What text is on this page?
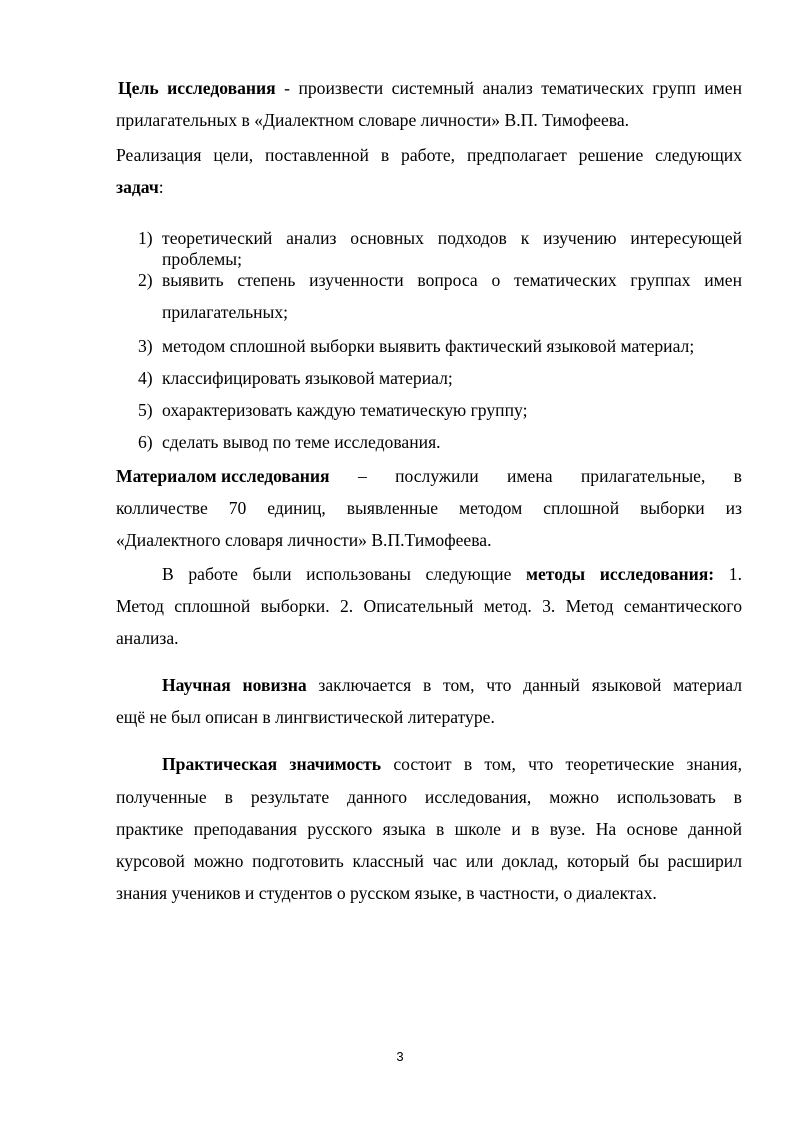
Цель исследования - произвести системный анализ тематических групп имен
прилагательных в «Диалектном словаре личности» В.П. Тимофеева.
Реализация цели, поставленной в работе, предполагает решение следующих
задач:
1) теоретический анализ основных подходов к изучению интересующей
проблемы;
2) выявить степень изученности вопроса о тематических группах имен
прилагательных;
3) методом сплошной выборки выявить фактический языковой материал;
4) классифицировать языковой материал;
5) охарактеризовать каждую тематическую группу;
6) сделать вывод по теме исследования.
Материалом исследования – послужили имена прилагательные, в
колличестве 70 единиц, выявленные методом сплошной выборки из
«Диалектного словаря личности» В.П.Тимофеева.
В работе были использованы следующие методы исследования: 1.
Метод сплошной выборки. 2. Описательный метод. 3. Метод семантического
анализа.
Научная новизна заключается в том, что данный языковой материал
ещё не был описан в лингвистической литературе.
Практическая значимость состоит в том, что теоретические знания,
полученные в результате данного исследования, можно использовать в
практике преподавания русского языка в школе и в вузе. На основе данной
курсовой можно подготовить классный час или доклад, который бы расширил
знания учеников и студентов о русском языке, в частности, о диалектах.
3
